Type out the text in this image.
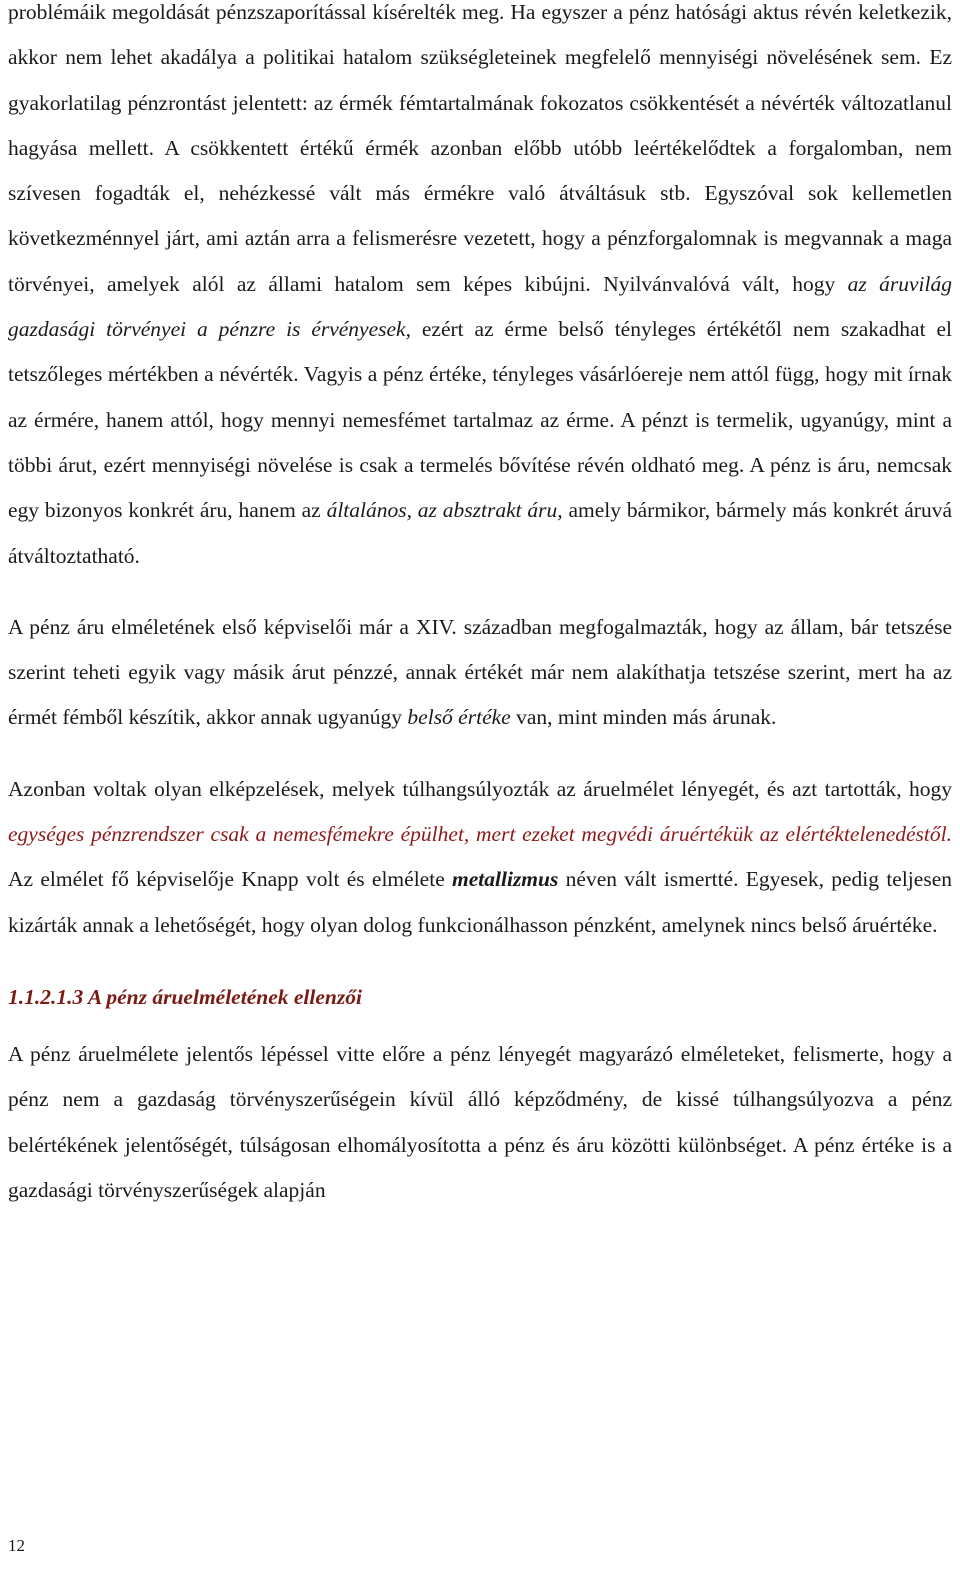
problémáik megoldását pénzszaporítással kísérelték meg. Ha egyszer a pénz hatósági aktus révén keletkezik, akkor nem lehet akadálya a politikai hatalom szükségleteinek megfelelő mennyiségi növelésének sem. Ez gyakorlatilag pénzrontást jelentett: az érmék fémtartalmának fokozatos csökkentését a névérték változatlanul hagyása mellett. A csökkentett értékű érmék azonban előbb utóbb leértékelődtek a forgalomban, nem szívesen fogadták el, nehézkessé vált más érmékre való átváltásuk stb. Egyszóval sok kellemetlen következménnyel járt, ami aztán arra a felismerésre vezetett, hogy a pénzforgalomnak is megvannak a maga törvényei, amelyek alól az állami hatalom sem képes kibújni. Nyilvánvalóvá vált, hogy az áruvilág gazdasági törvényei a pénzre is érvényesek, ezért az érme belső tényleges értékétől nem szakadhat el tetszőleges mértékben a névérték. Vagyis a pénz értéke, tényleges vásárlóereje nem attól függ, hogy mit írnak az érmére, hanem attól, hogy mennyi nemesfémet tartalmaz az érme. A pénzt is termelik, ugyanúgy, mint a többi árut, ezért mennyiségi növelése is csak a termelés bővítése révén oldható meg. A pénz is áru, nemcsak egy bizonyos konkrét áru, hanem az általános, az absztrakt áru, amely bármikor, bármely más konkrét áruvá átváltoztatható.

A pénz áru elméletének első képviselői már a XIV. században megfogalmazták, hogy az állam, bár tetszése szerint teheti egyik vagy másik árut pénzzé, annak értékét már nem alakíthatja tetszése szerint, mert ha az érmét fémből készítik, akkor annak ugyanúgy belső értéke van, mint minden más árunak.

Azonban voltak olyan elképzelések, melyek túlhangsúlyozták az áruelmélet lényegét, és azt tartották, hogy egységes pénzrendszer csak a nemesfémekre épülhet, mert ezeket megvédi áruértékük az elértéktelenedéstől. Az elmélet fő képviselője Knapp volt és elmélete metallizmus néven vált ismertté. Egyesek, pedig teljesen kizárták annak a lehetőségét, hogy olyan dolog funkcionálhasson pénzként, amelynek nincs belső áruértéke.

1.1.2.1.3 A pénz áruelméletének ellenzői

A pénz áruelmélete jelentős lépéssel vitte előre a pénz lényegét magyarázó elméleteket, felismerte, hogy a pénz nem a gazdaság törvényszerűségein kívül álló képződmény, de kissé túlhangsúlyozva a pénz belértékének jelentőségét, túlságosan elhomályosította a pénz és áru közötti különbséget. A pénz értéke is a gazdasági törvényszerűségek alapján

12
